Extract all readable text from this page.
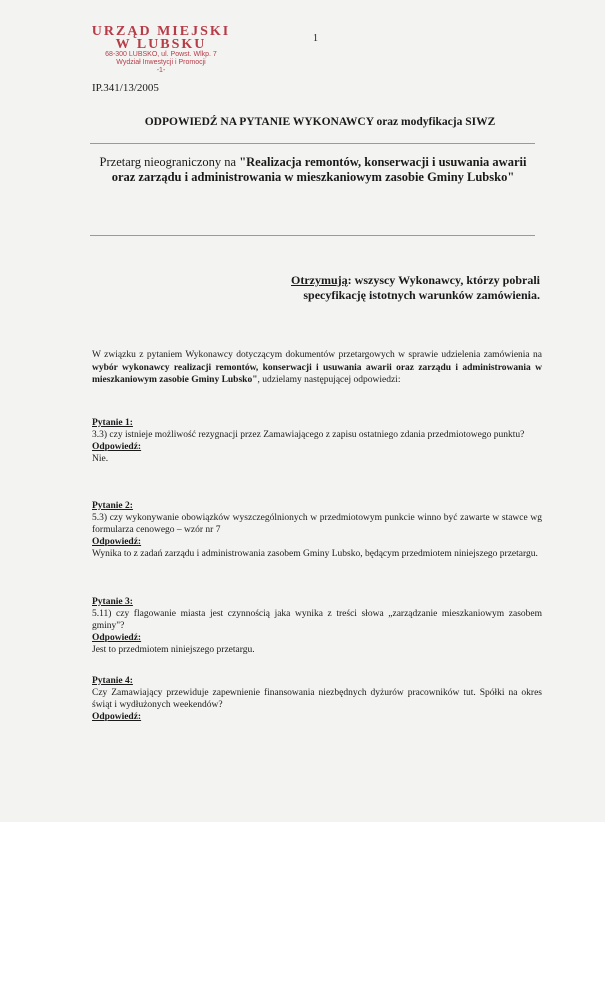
URZĄD MIEJSKI
W LUBSKU
68-300 LUBSKO, ul. Powst. Wlkp. 7
Wydział Inwestycji i Promocji
-1-
1
IP.341/13/2005
ODPOWIEDŹ NA PYTANIE WYKONAWCY oraz modyfikacja SIWZ
Przetarg nieograniczony na "Realizacja remontów, konserwacji i usuwania awarii oraz zarządu i administrowania w mieszkaniowym zasobie Gminy Lubsko"
Otrzymują: wszyscy Wykonawcy, którzy pobrali specyfikację istotnych warunków zamówienia.
W związku z pytaniem Wykonawcy dotyczącym dokumentów przetargowych w sprawie udzielenia zamówienia na wybór wykonawcy realizacji remontów, konserwacji i usuwania awarii oraz zarządu i administrowania w mieszkaniowym zasobie Gminy Lubsko", udzielamy następującej odpowiedzi:
Pytanie 1:
3.3) czy istnieje możliwość rezygnacji przez Zamawiającego z zapisu ostatniego zdania przedmiotowego punktu?
Odpowiedź:
Nie.
Pytanie 2:
5.3) czy wykonywanie obowiązków wyszczególnionych w przedmiotowym punkcie winno być zawarte w stawce wg formularza cenowego – wzór nr 7
Odpowiedź:
Wynika to z zadań zarządu i administrowania zasobem Gminy Lubsko, będącym przedmiotem niniejszego przetargu.
Pytanie 3:
5.11) czy flagowanie miasta jest czynnością jaka wynika z treści słowa „zarządzanie mieszkaniowym zasobem gminy"?
Odpowiedź:
Jest to przedmiotem niniejszego przetargu.
Pytanie 4:
Czy Zamawiający przewiduje zapewnienie finansowania niezbędnych dyżurów pracowników tut. Spółki na okres świąt i wydłużonych weekendów?
Odpowiedź:
